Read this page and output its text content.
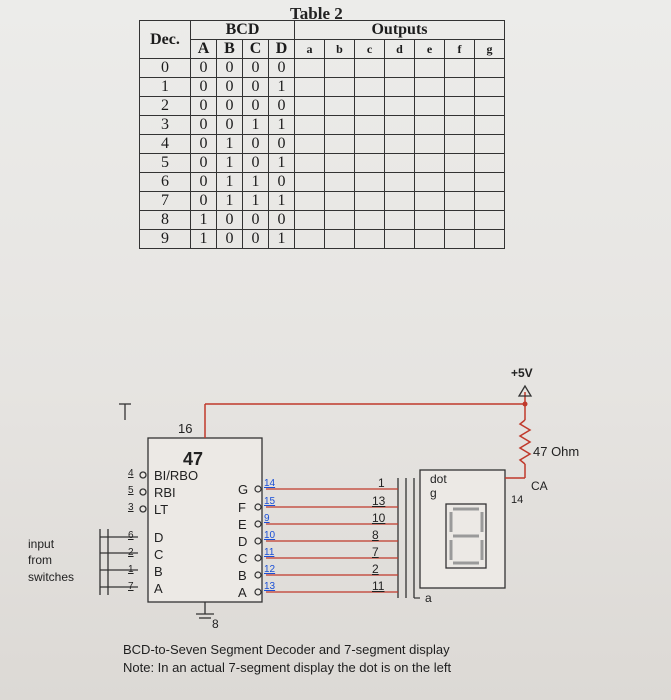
Table 2
Dec.	BCD				Outputs						
	A	B	C	D	a	b	c	d	e	f	g
0	0	0	0	0							
1	0	0	0	1							
2	0	0	0	0							
3	0	0	1	1							
4	0	1	0	0							
5	0	1	0	1							
6	0	1	1	0							
7	0	1	1	1							
8	1	0	0	0							
9	1	0	0	1							
+5V
47 Ohm
16
47
8
4 BI/RBO
5 RBI
3 LT
6 D
2 C
1 B
7 A
G 14
F 15
E 9
D 10
C 11
B 12
A 13
1
13
10
8
7
2
11
dot
g
a
CA
14
input
from
switches
BCD-to-Seven Segment Decoder and 7-segment display
Note: In an actual 7-segment display the dot is on the left
